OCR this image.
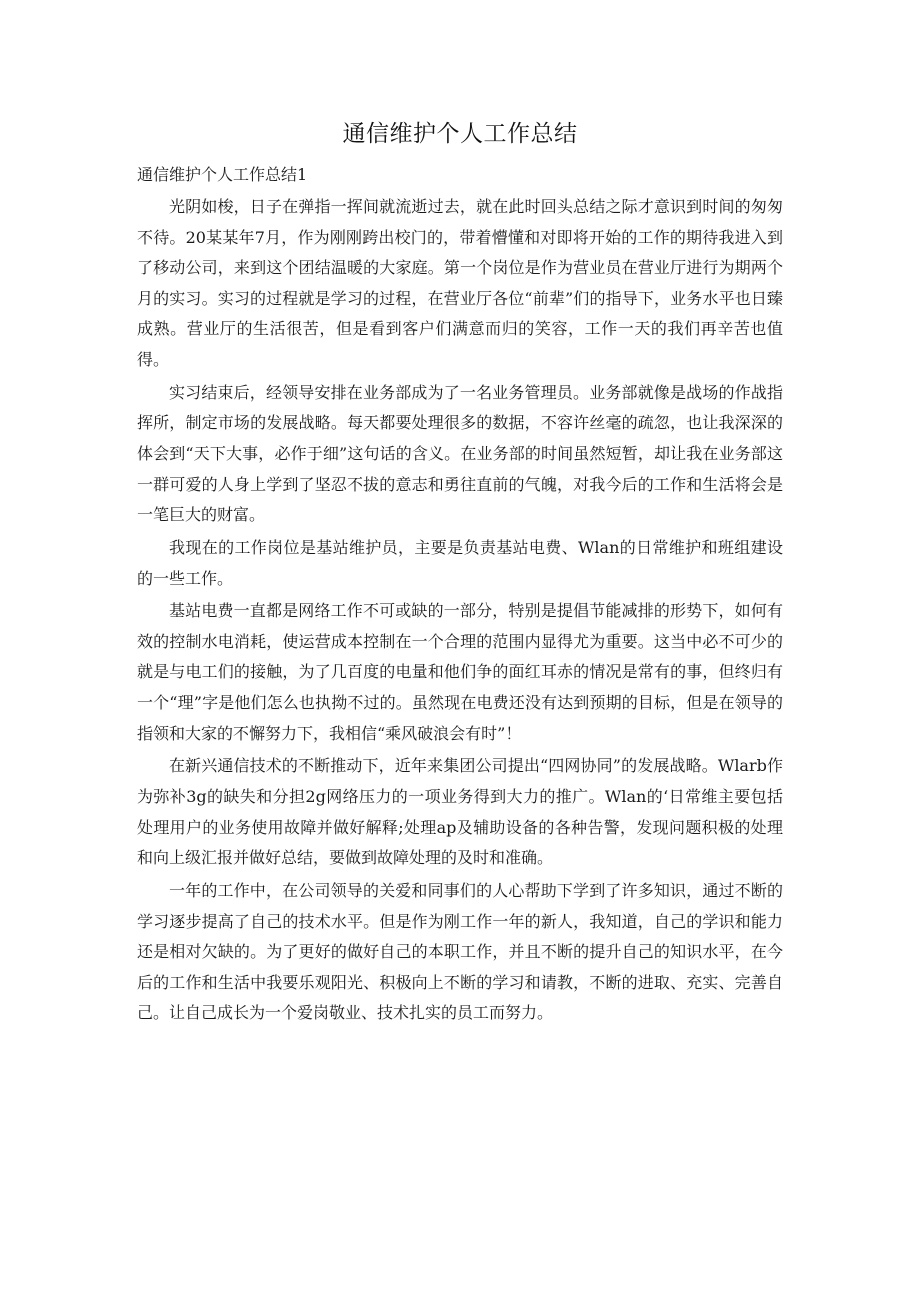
通信维护个人工作总结

通信维护个人工作总结1

光阴如梭，日子在弹指一挥间就流逝过去，就在此时回头总结之际才意识到时间的匆匆不待。20某某年7月，作为刚刚跨出校门的，带着懵懂和对即将开始的工作的期待我进入到了移动公司，来到这个团结温暖的大家庭。第一个岗位是作为营业员在营业厅进行为期两个月的实习。实习的过程就是学习的过程，在营业厅各位“前辈”们的指导下，业务水平也日臻成熟。营业厅的生活很苦，但是看到客户们满意而归的笑容，工作一天的我们再辛苦也值得。

实习结束后，经领导安排在业务部成为了一名业务管理员。业务部就像是战场的作战指挥所，制定市场的发展战略。每天都要处理很多的数据，不容许丝毫的疏忽，也让我深深的体会到“天下大事，必作于细”这句话的含义。在业务部的时间虽然短暂，却让我在业务部这一群可爱的人身上学到了坚忍不拔的意志和勇往直前的气魄，对我今后的工作和生活将会是一笔巨大的财富。

我现在的工作岗位是基站维护员，主要是负责基站电费、Wlan的日常维护和班组建设的一些工作。

基站电费一直都是网络工作不可或缺的一部分，特别是提倡节能减排的形势下，如何有效的控制水电消耗，使运营成本控制在一个合理的范围内显得尤为重要。这当中必不可少的就是与电工们的接触，为了几百度的电量和他们争的面红耳赤的情况是常有的事，但终归有一个“理”字是他们怎么也执拗不过的。虽然现在电费还没有达到预期的目标，但是在领导的指领和大家的不懈努力下，我相信“乘风破浪会有时”！

在新兴通信技术的不断推动下，近年来集团公司提出“四网协同”的发展战略。Wlarb作为弥补3g的缺失和分担2g网络压力的一项业务得到大力的推广。Wlan的‘日常维主要包括处理用户的业务使用故障并做好解释;处理ap及辅助设备的各种告警，发现问题积极的处理和向上级汇报并做好总结，要做到故障处理的及时和准确。

一年的工作中，在公司领导的关爱和同事们的人心帮助下学到了许多知识，通过不断的学习逐步提高了自己的技术水平。但是作为刚工作一年的新人，我知道，自己的学识和能力还是相对欠缺的。为了更好的做好自己的本职工作，并且不断的提升自己的知识水平，在今后的工作和生活中我要乐观阳光、积极向上不断的学习和请教，不断的进取、充实、完善自己。让自己成长为一个爱岗敬业、技术扎实的员工而努力。
